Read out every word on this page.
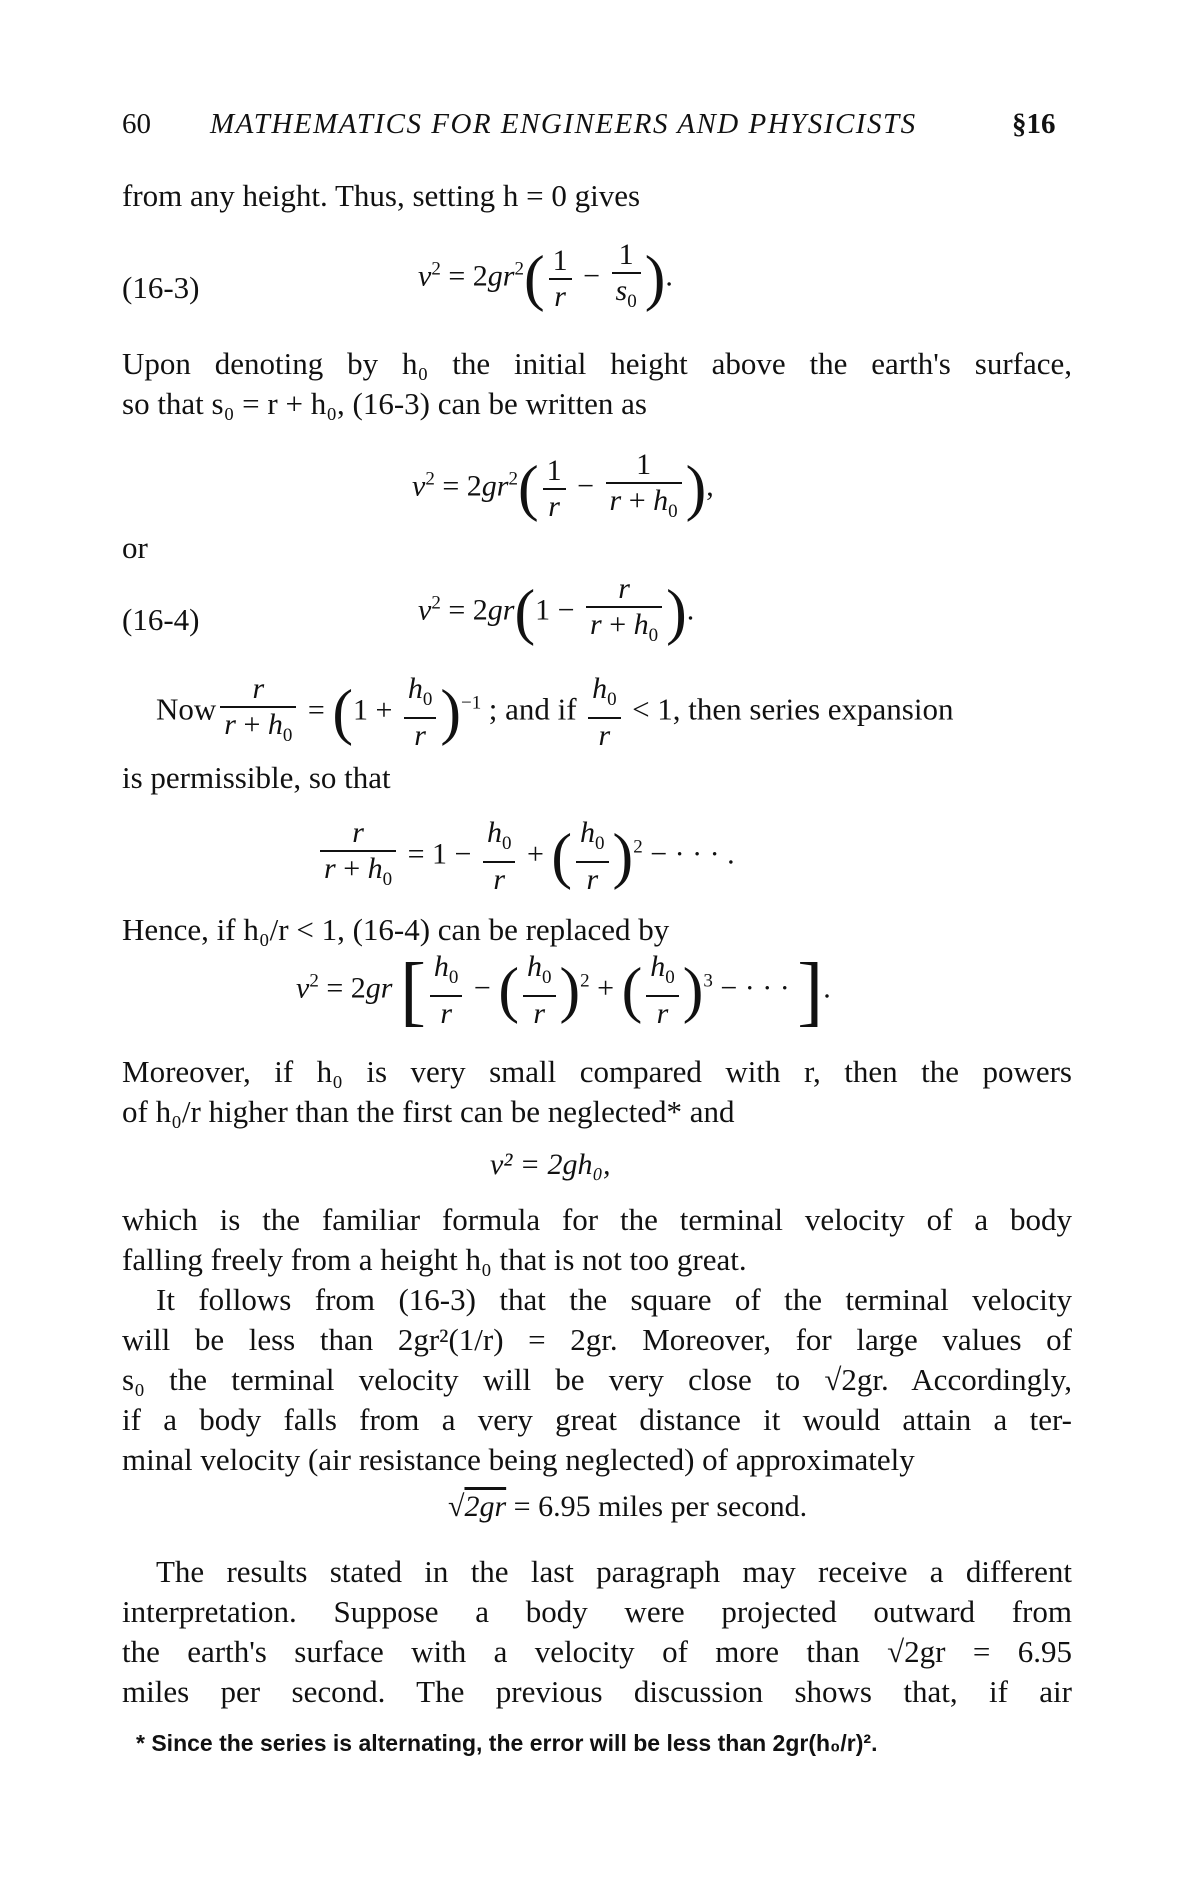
60 MATHEMATICS FOR ENGINEERS AND PHYSICISTS	§16
from any height. Thus, setting h = 0 gives
(16-3)	$v^2 = 2gr^2( \frac{1}{r} - \frac{1}{s_0}$ ).
Upon denoting by h₀ the initial height above the earth's surface,
so that s₀ = r + h₀, (16-3) can be written as
$v^2 = 2gr^2( \frac{1}{r} - \frac{1}{r + h_0}$ ),
or
(16-4)	$v^2 = 2gr(1 - \frac{r}{r + h_0}$ ).
Now $\frac{r}{r + h_0} = (1 + \frac{h_0}{r} )^{-1}$ ; and if $\frac{h_0}{r} < 1$, then series expansion
is permissible, so that
$\frac{r}{r + h_0} = 1 - \frac{h_0}{r}$ + ( $\frac{h_0}{r} )^2$ − · · · .
Hence, if h₀/r < 1, (16-4) can be replaced by
$v^2 = 2gr$ [ $\frac{h_0}{r}$ − ( $\frac{h_0}{r} )^2$ + ( $\frac{h_0}{r} )^3$ − · · · ].
Moreover, if h₀ is very small compared with r, then the powers
of h₀/r higher than the first can be neglected* and
v² = 2gh₀,
which is the familiar formula for the terminal velocity of a body
falling freely from a height h₀ that is not too great.
It follows from (16-3) that the square of the terminal velocity
will be less than 2gr²(1/r) = 2gr. Moreover, for large values of
s₀ the terminal velocity will be very close to √2gr. Accordingly,
if a body falls from a very great distance it would attain a ter-
minal velocity (air resistance being neglected) of approximately
√2gr = 6.95 miles per second.
The results stated in the last paragraph may receive a different
interpretation. Suppose a body were projected outward from
the earth's surface with a velocity of more than √2gr = 6.95
miles per second. The previous discussion shows that, if air
* Since the series is alternating, the error will be less than 2gr(h₀/r)².
